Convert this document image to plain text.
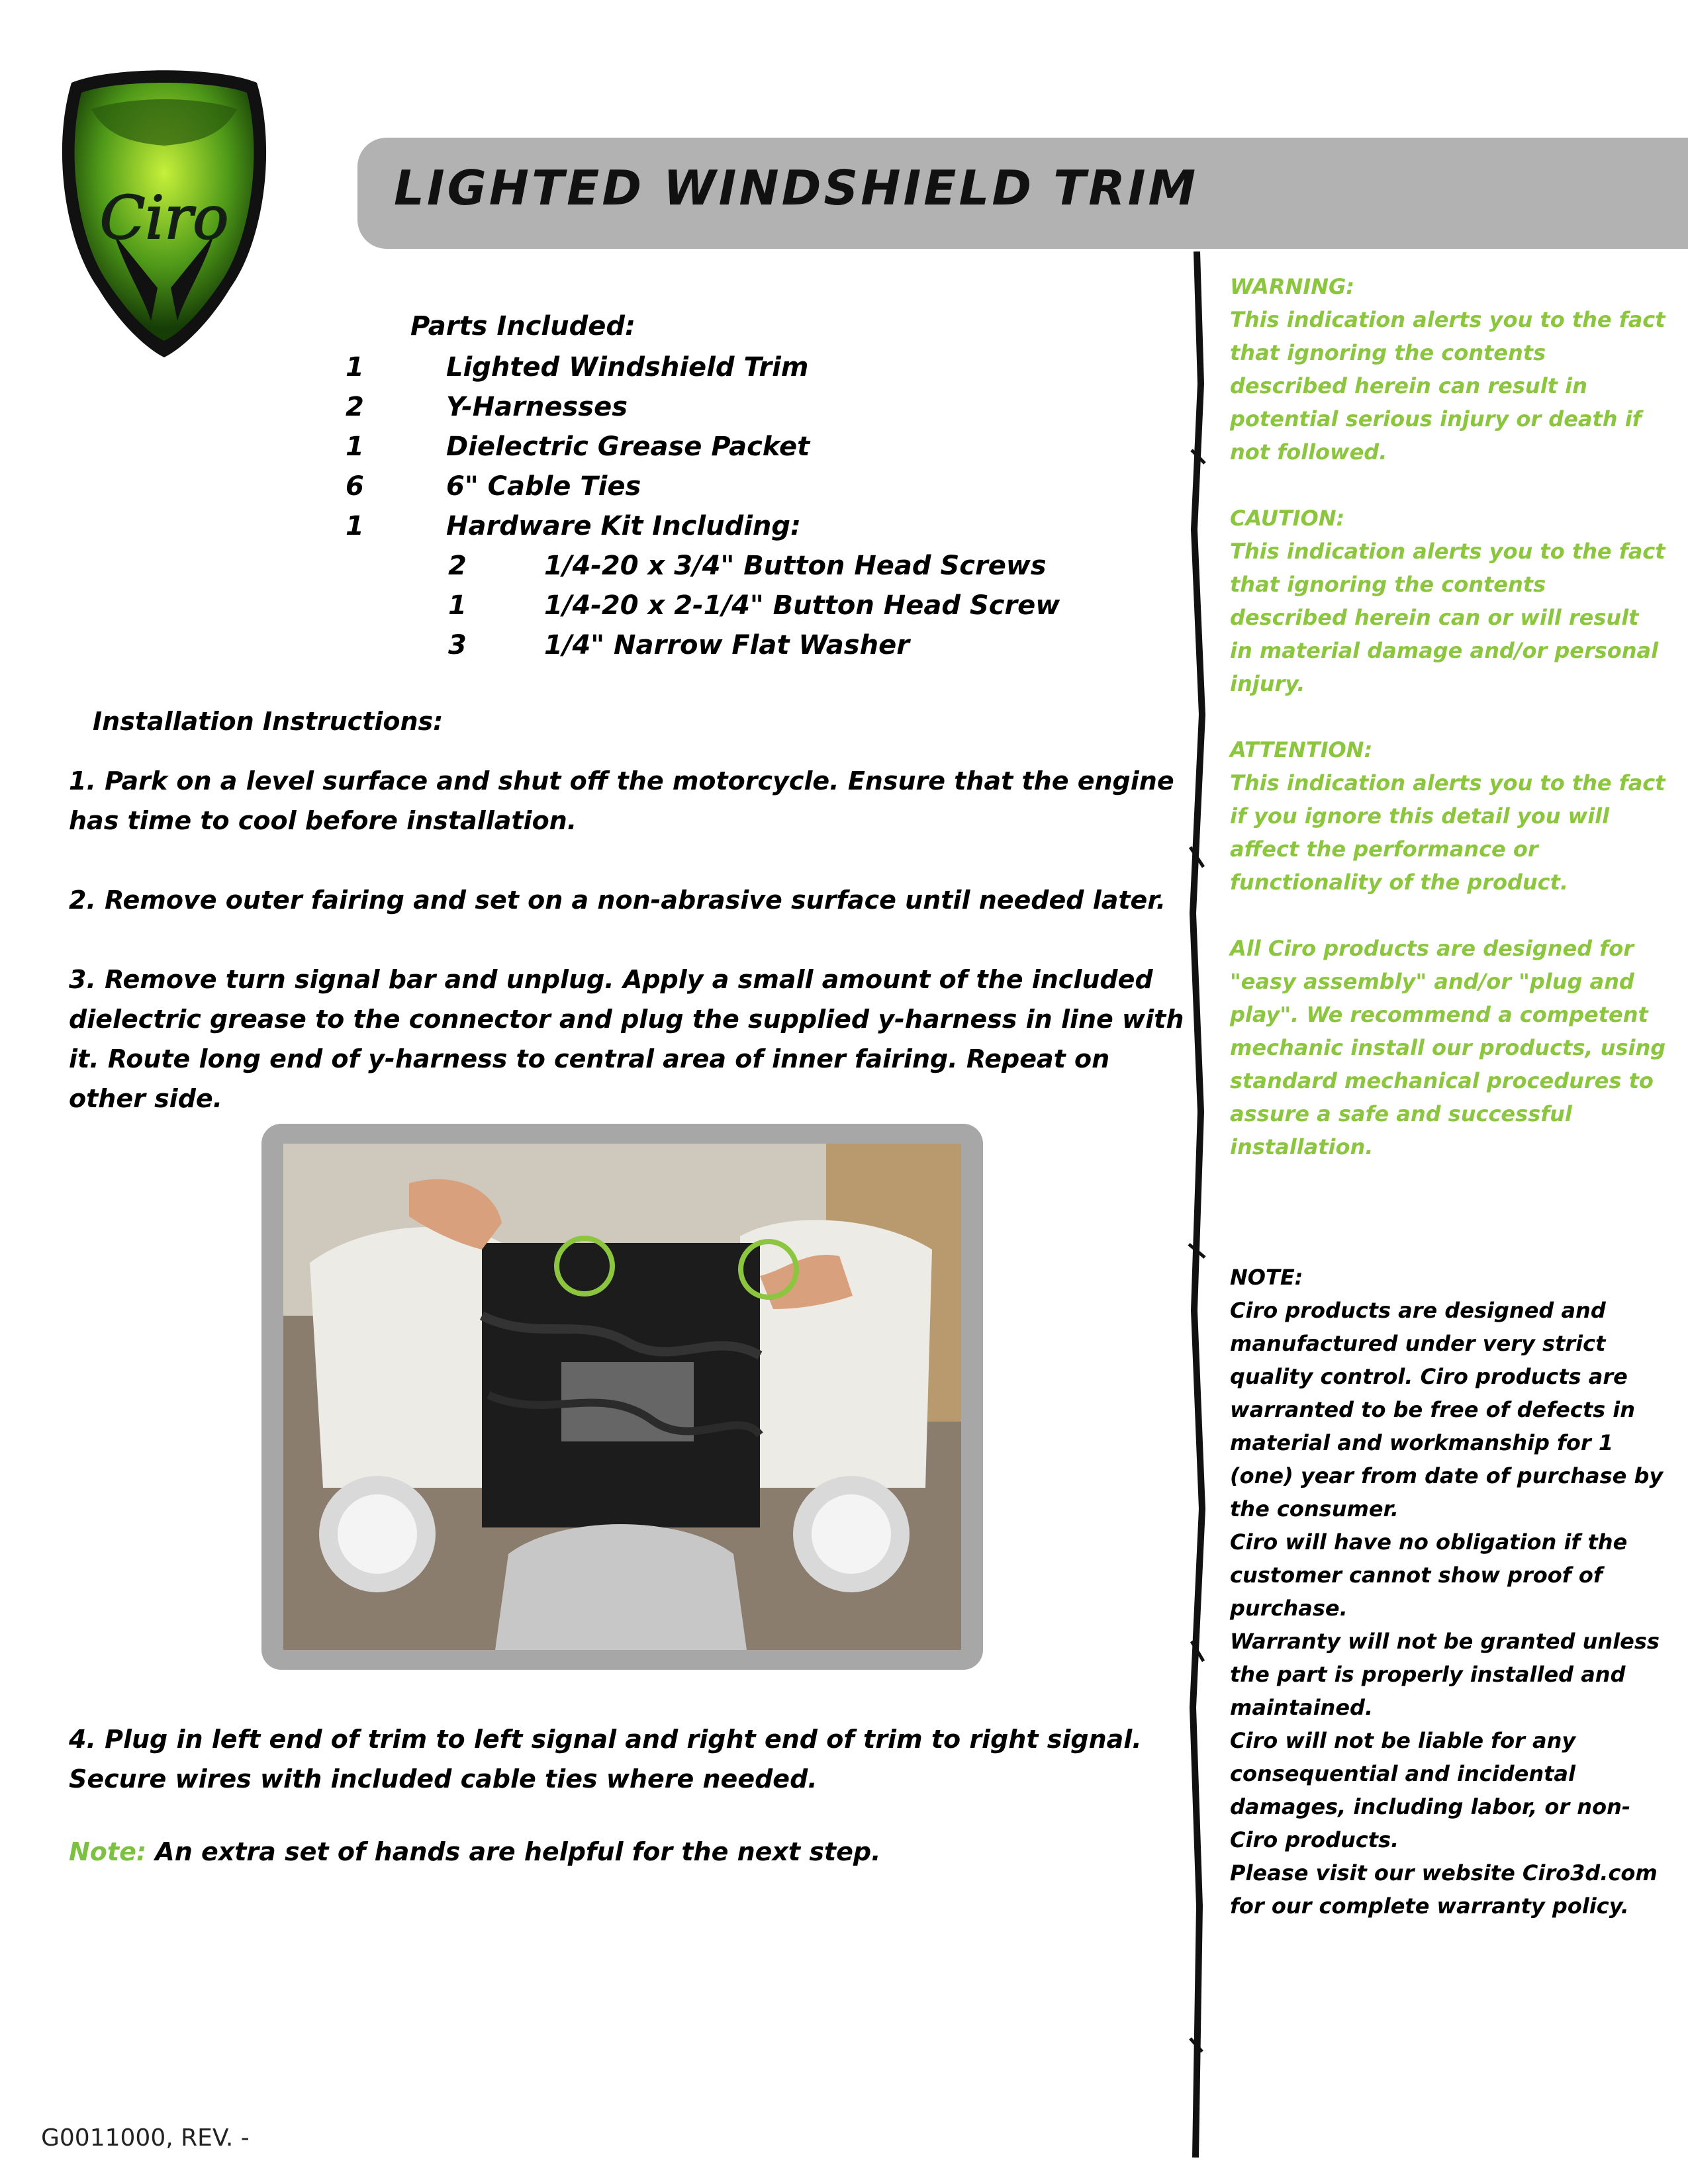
Ciro	LIGHTED WINDSHIELD TRIM
Parts Included:
1	Lighted Windshield Trim
2	Y-Harnesses
1	Dielectric Grease Packet
6	6" Cable Ties
1	Hardware Kit Including:
2	1/4-20 x 3/4" Button Head Screws
1	1/4-20 x 2-1/4" Button Head Screw
3	1/4" Narrow Flat Washer
Installation Instructions:
1. Park on a level surface and shut off the motorcycle. Ensure that the engine has time to cool before installation.
2. Remove outer fairing and set on a non-abrasive surface until needed later.
3. Remove turn signal bar and unplug. Apply a small amount of the included dielectric grease to the connector and plug the supplied y-harness in line with it. Route long end of y-harness to central area of inner fairing. Repeat on other side.
4. Plug in left end of trim to left signal and right end of trim to right signal. Secure wires with included cable ties where needed.
Note: An extra set of hands are helpful for the next step.

WARNING:

This indication alerts you to the fact that ignoring the contents described herein can result in potential serious injury or death if not followed.

CAUTION:

This indication alerts you to the fact that ignoring the contents described herein can or will result in material damage and/or personal injury.

ATTENTION:

This indication alerts you to the fact if you ignore this detail you will affect the performance or functionality of the product.

All Ciro products are designed for "easy assembly" and/or "plug and play". We recommend a competent mechanic install our products, using standard mechanical procedures to assure a safe and successful installation.

NOTE:

Ciro products are designed and manufactured under very strict quality control. Ciro products are warranted to be free of defects in material and workmanship for 1 (one) year from date of purchase by the consumer.

Ciro will have no obligation if the customer cannot show proof of purchase.

Warranty will not be granted unless the part is properly installed and maintained.

Ciro will not be liable for any consequential and incidental damages, including labor, or non-Ciro products.

Please visit our website Ciro3d.com for our complete warranty policy.

G0011000, REV. -
